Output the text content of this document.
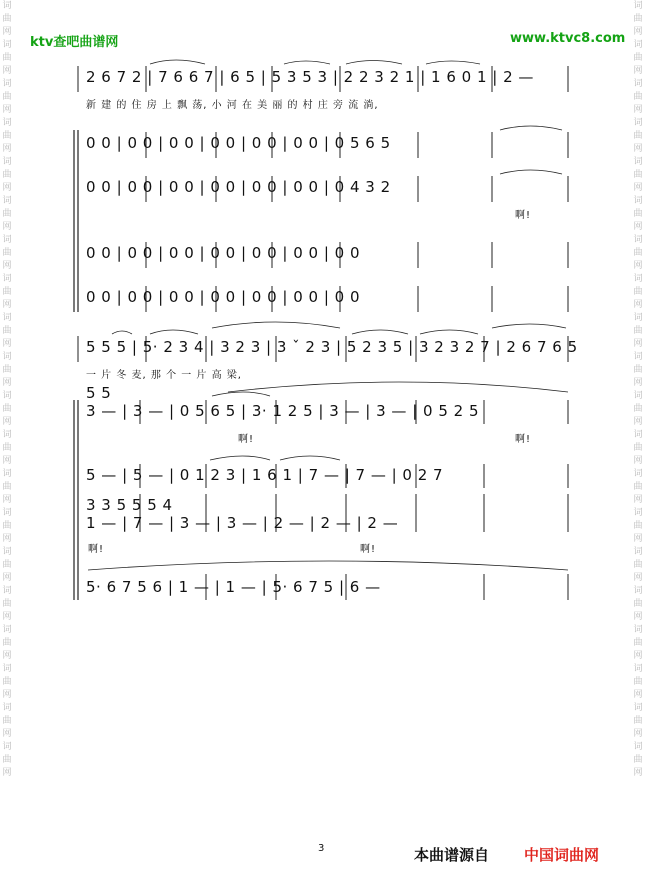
词曲网词曲网词曲网词曲网词曲网词曲网词曲网词曲网词曲网词曲网词曲网词曲网词曲网词曲网词曲网词曲网词曲网词曲网词曲网词曲网
词曲网词曲网词曲网词曲网词曲网词曲网词曲网词曲网词曲网词曲网词曲网词曲网词曲网词曲网词曲网词曲网词曲网词曲网词曲网词曲网
ktv查吧曲谱网	www.ktvc8.com
2 6 7 2 | 7 6 6 7 | 6 5 | 5 3 5 3 | 2 2 3 2 1 | 1 6 0 1 | 2 —
新 建 的 住 房 上 飘 荡, 小 河 在 美 丽 的 村 庄 旁 流 淌,
0 0 | 0 0 | 0 0 | 0 0 | 0 0 | 0 0 | 0 5 6 5
0 0 | 0 0 | 0 0 | 0 0 | 0 0 | 0 0 | 0 4 3 2
啊!
0 0 | 0 0 | 0 0 | 0 0 | 0 0 | 0 0 | 0 0
0 0 | 0 0 | 0 0 | 0 0 | 0 0 | 0 0 | 0 0
5 5 5 | 5· 2 3 4 | 3 2 3 | 3 ˇ 2 3 | 5 2 3 5 | 3 2 3 2 7 | 2 6 7 6 5
一 片 冬 麦, 那 个 一 片 高 梁,
5 5
3 — | 3 — | 0 5 6 5 | 3· 1 2 5 | 3 — | 3 — | 0 5 2 5
啊!	啊!
5 — | 5 — | 0 1 2 3 | 1 6 1 | 7 — | 7 — | 0 2 7
3 3 5 5 5 4
1 — | 7 — | 3 — | 3 — | 2 — | 2 — | 2 —
啊!	啊!
5· 6 7 5 6 | 1 — | 1 — | 5· 6 7 5 | 6 —
3	本曲谱源自 中国词曲网
